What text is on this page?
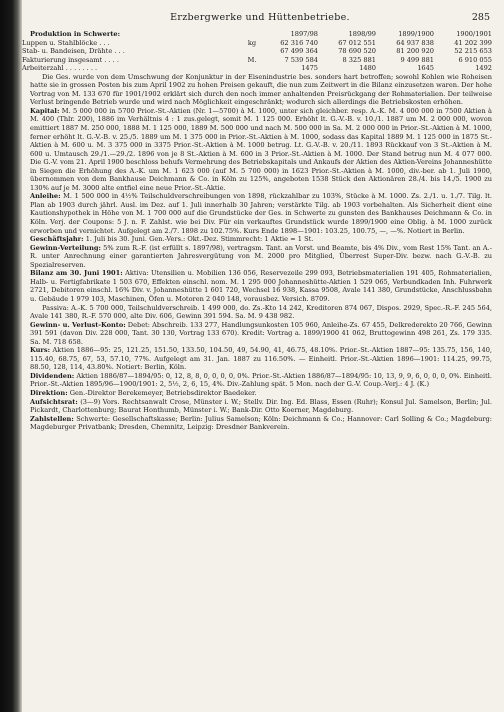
Erzbergwerke und Hüttenbetriebe.	285
Produktion in Schwerte:		1897/98	1898/99	1899/1900	1900/1901
Luppen u. Stahlblöcke . . .	kg	62 316 740	67 012 551	64 937 838	41 202 399
Stab- u. Bandeisen, Drähte . . .		67 499 364	78 690 520	81 200 920	52 215 653
Fakturierung insgesamt . . . .	M.	7 539 584	8 325 881	9 499 881	6 910 055
Arbeiterzahl . . . . . . . .		1475	1480	1645	1492

Die Ges. wurde von dem Umschwung der Konjunktur in der Eisenindustrie bes. sonders hart betroffen; sowohl Kohlen wie Roheisen hatte sie in grossen Posten bis zum April 1902 zu hohen Preisen gekauft, die nun zum Zeitwert in die Bilanz einzusetzen waren. Der hohe Vortrag von M. 133 670 für 1901/1902 erklärt sich durch den noch immer anhaltenden Preisrückgang der Rohmaterialien. Der teilweise Verlust bringende Betrieb wurde und wird nach Möglichkeit eingeschränkt; wodurch sich allerdings die Betriebskosten erhöhen.

Kapital: M. 5 000 000 in 5700 Prior.-St.-Aktien (Nr. 1—5700) à M. 1000, unter sich gleichber. resp. A.-K. M. 4 000 000 in 7500 Aktien à M. 400 (Thlr. 200), 1886 im Verhältnis 4 : 1 zus.gelegt, somit M. 1 125 000. Erhöht lt. G.-V.-B. v. 10./1. 1887 um M. 2 000 000, wovon emittiert 1887 M. 250 000, 1888 M. 1 125 000, 1889 M. 500 000 und nach M. 500 000 in Sa. M. 2 000 000 in Prior.-St.-Aktien à M. 1000, ferner erhöht lt. G.-V.-B. v. 25./5. 1889 um M. 1 375 000 in Prior.-St.-Aktien à M. 1000, sodass das Kapital 1889 M. 1 125 000 in 1875 St.-Aktien à M. 600 u. M. 3 375 000 in 3375 Prior.-St.-Aktien à M. 1000 betrug. Lt. G.-V.-B. v. 20./11. 1893 Rückkauf von 3 St.-Aktien à M. 600 u. Umtausch 29./1.—29./2. 1896 von je 8 St.-Aktien à M. 600 in 3 Prior.-St.-Aktien à M. 1000. Der Stand betrug nun M. 4 077 000. Die G.-V. vom 21. April 1900 beschloss behufs Vermehrung des Betriebskapitals und Ankaufs der Aktien des Aktien-Vereins Johanneshütte in Siegen die Erhöhung des A.-K. um M. 1 623 000 (auf M. 5 700 000) in 1623 Prior.-St.-Aktien à M. 1000, div.-ber. ab 1. Juli 1900, übernommen von dem Bankhause Deichmann & Co. in Köln zu 125%, angeboten 1538 Stück den Aktionären 28./4. bis 14./5. 1900 zu 130% auf je M. 3000 alte entfiel eine neue Prior.-St.-Aktie.

Anleihe: M. 1 500 000 in 4½% Teilschuldverschreibungen von 1898, rückzahlbar zu 103%, Stücke à M. 1000. Zs. 2./1. u. 1./7. Tilg. lt. Plan ab 1903 durch jährl. Ausl. im Dez. auf 1. Juli innerhalb 30 Jahren; verstärkte Tilg. ab 1903 vorbehalten. Als Sicherheit dient eine Kautionshypothek in Höhe von M. 1 700 000 auf die Grundstücke der Ges. in Schwerte zu gunsten des Bankhauses Deichmann & Co. in Köln. Verj. der Coupons: 5 J. n. F. Zahlst. wie bei Div. Für ein verkauftes Grundstück wurde 1899/1900 eine Oblig. à M. 1000 zurück erworben und vernichtet. Aufgelegt am 2./7. 1898 zu 102.75%. Kurs Ende 1898—1901: 103.25, 100.75, —, —%. Notiert in Berlin.

Geschäftsjahr: 1. Juli bis 30. Juni. Gen.-Vers.: Okt.-Dez. Stimmrecht: 1 Aktie = 1 St.

Gewinn-Verteilung: 5% zum R.-F. (ist erfüllt s. 1897/98), vertragsm. Tant. an Vorst. und Beamte, bis 4% Div., vom Rest 15% Tant. an A.-R. unter Anrechnung einer garantierten Jahresvergütung von M. 2000 pro Mitglied, Überrest Super-Div. bezw. nach G.-V.-B. zu Spezialreserven.

Bilanz am 30. Juni 1901: Aktiva: Utensilien u. Mobilien 136 056, Reservezeile 299 093, Betriebsmaterialien 191 405, Rohmaterialien, Halb- u. Fertigfabrikate 1 503 670, Effekten einschl. nom. M. 1 295 000 Johanneshütte-Aktien 1 529 065, Verbundkaden Inh. Fuhrwerk 2721, Debitoren einschl. 16% Div. v. Johanneshütte 1 601 720, Wechsel 16 938, Kassa 9508, Avale 141 380, Grundstücke, Anschlussbahn u. Gebäude 1 979 103, Maschinen, Öfen u. Motoren 2 040 148, vorausbez. Versich. 8709.

Passiva: A.-K. 5 700 000, Teilschuldverschreib. 1 499 000, do. Zs.-Kto 14 242, Kreditoren 874 067, Dispos. 2929, Spec.-R.-F. 245 564, Avale 141 380, R.-F. 570 000, alte Div. 606, Gewinn 391 594. Sa. M. 9 438 982.

Gewinn- u. Verlust-Konto: Debet: Abschreib. 133 277, Handlungsunkosten 105 960, Anleihe-Zs. 67 455, Delkrederekto 20 766, Gewinn 391 591 (davon Div. 228 000, Tant. 30 130, Vortrag 133 670). Kredit: Vortrag a. 1899/1900 41 062, Bruttogewinn 498 261, Zs. 179 335. Sa. M. 718 658.

Kurs: Aktien 1886—95: 25, 121.25, 151.50, 133.50, 104.50, 49, 54.90, 41, 46.75, 48.10%. Prior.-St.-Aktien 1887—95: 135.75, 156, 140, 115.40, 68.75, 67, 53, 57.10, 77%. Aufgelegt am 31. Jan. 1887 zu 116.50%. — Einheitl. Prior.-St.-Aktien 1896—1901: 114.25, 99.75, 88.50, 128, 114, 43.80%. Notiert: Berlin, Köln.

Dividenden: Aktien 1886/87—1894/95: 0, 12, 8, 8, 0, 0, 0, 0, 0%. Prior.-St.-Aktien 1886/87—1894/95: 10, 13, 9, 9, 6, 0, 0, 0, 0%. Einheitl. Prior.-St.-Aktien 1895/96—1900/1901: 2, 5½, 2, 6, 15, 4%. Div.-Zahlung spät. 5 Mon. nach der G.-V. Coup.-Verj.: 4 J. (K.)

Direktion: Gen.-Direktor Berekemeyer, Betriebsdirektor Baedeker.

Aufsichtsrat: (3—9) Vors. Rechtsanwalt Crose, Münster i. W.; Stellv. Dir. Ing. Ed. Blass, Essen (Ruhr); Konsul Jul. Samelson, Berlin; Jul. Pickardt, Charlottenburg; Baurat Honthumb, Münster i. W.; Bank-Dir. Otto Koerner, Magdeburg.

Zahlstellen: Schwerte: Gesellschaftskasse; Berlin: Julius Samelson; Köln: Deichmann & Co.; Hannover: Carl Solling & Co.; Magdeburg: Magdeburger Privatbank; Dresden, Chemnitz, Leipzig: Dresdner Bankverein.
